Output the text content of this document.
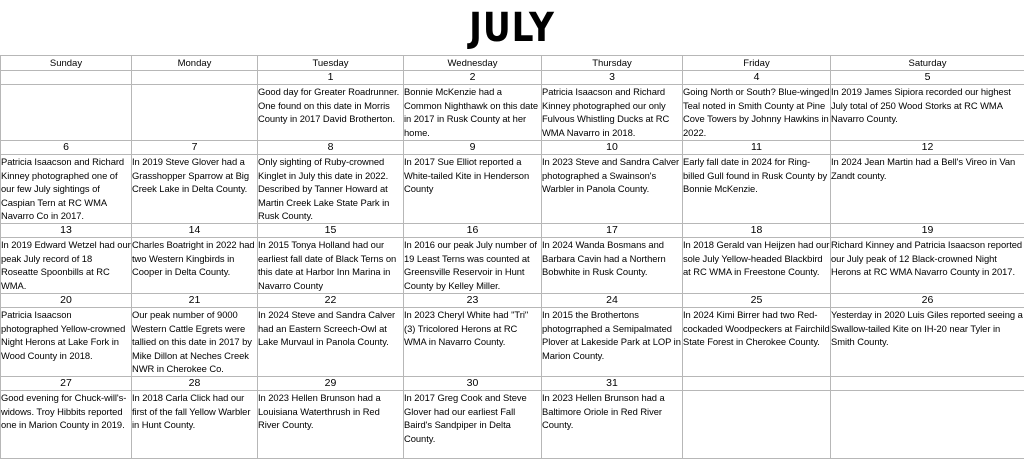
JULY
Sunday	Monday	Tuesday	Wednesday	Thursday	Friday	Saturday
		1	2	3	4	5
		Good day for Greater Roadrunner. One found on this date in Morris County in 2017 David Brotherton.	Bonnie McKenzie had a Common Nighthawk on this date in 2017 in Rusk County at her home.	Patricia Isaacson and Richard Kinney photographed our only Fulvous Whistling Ducks at RC WMA Navarro in 2018.	Going North or South? Blue-winged Teal noted in Smith County at Pine Cove Towers by Johnny Hawkins in 2022.	In 2019 James Sipiora recorded our highest July total of 250 Wood Storks at RC WMA Navarro County.
6	7	8	9	10	11	12
Patricia Isaacson and Richard Kinney photographed one of our few July sightings of Caspian Tern at RC WMA Navarro Co in 2017.	In 2019 Steve Glover had a Grasshopper Sparrow at Big Creek Lake in Delta County.	Only sighting of Ruby-crowned Kinglet in July this date in 2022. Described by Tanner Howard at Martin Creek Lake State Park in Rusk County.	In 2017 Sue Elliot reported a White-tailed Kite in Henderson County	In 2023 Steve and Sandra Calver photographed a Swainson's Warbler in Panola County.	Early fall date in 2024 for Ring-billed Gull found in Rusk County by Bonnie McKenzie.	In 2024 Jean Martin had a Bell's Vireo in Van Zandt county.
13	14	15	16	17	18	19
In 2019 Edward Wetzel had our peak July record of 18 Roseatte Spoonbills at RC WMA.	Charles Boatright in 2022 had two Western Kingbirds in Cooper in Delta County.	In 2015 Tonya Holland had our earliest fall date of Black Terns on this date at Harbor Inn Marina in Navarro County	In 2016 our peak July number of 19 Least Terns was counted at Greensville Reservoir in Hunt County by Kelley Miller.	In 2024 Wanda Bosmans and Barbara Cavin had a Northern Bobwhite in Rusk County.	In 2018 Gerald van Heijzen had our sole July Yellow-headed Blackbird at RC WMA in Freestone County.	Richard Kinney and Patricia Isaacson reported our July peak of 12 Black-crowned Night Herons at RC WMA Navarro County in 2017.
20	21	22	23	24	25	26
Patricia Isaacson photographed Yellow-crowned Night Herons at Lake Fork in Wood County in 2018.	Our peak number of 9000 Western Cattle Egrets were tallied on this date in 2017 by Mike Dillon at Neches Creek NWR in Cherokee Co.	In 2024 Steve and Sandra Calver had an Eastern Screech-Owl at Lake Murvaul in Panola County.	In 2023 Cheryl White had "Tri" (3) Tricolored Herons at RC WMA in Navarro County.	In 2015 the Brothertons photogrraphed a Semipalmated Plover at Lakeside Park at LOP in Marion County.	In 2024 Kimi Birrer had two Red-cockaded Woodpeckers at Fairchild State Forest in Cherokee County.	Yesterday in 2020 Luis Giles reported seeing a Swallow-tailed Kite on IH-20 near Tyler in Smith County.
27	28	29	30	31		
Good evening for Chuck-will's-widows. Troy Hibbits reported one in Marion County in 2019.	In 2018 Carla Click had our first of the fall Yellow Warbler in Hunt County.	In 2023 Hellen Brunson had a Louisiana Waterthrush in Red River County.	In 2017 Greg Cook and Steve Glover had our earliest Fall Baird's Sandpiper in Delta County.	In 2023 Hellen Brunson had a Baltimore Oriole in Red River County.		
